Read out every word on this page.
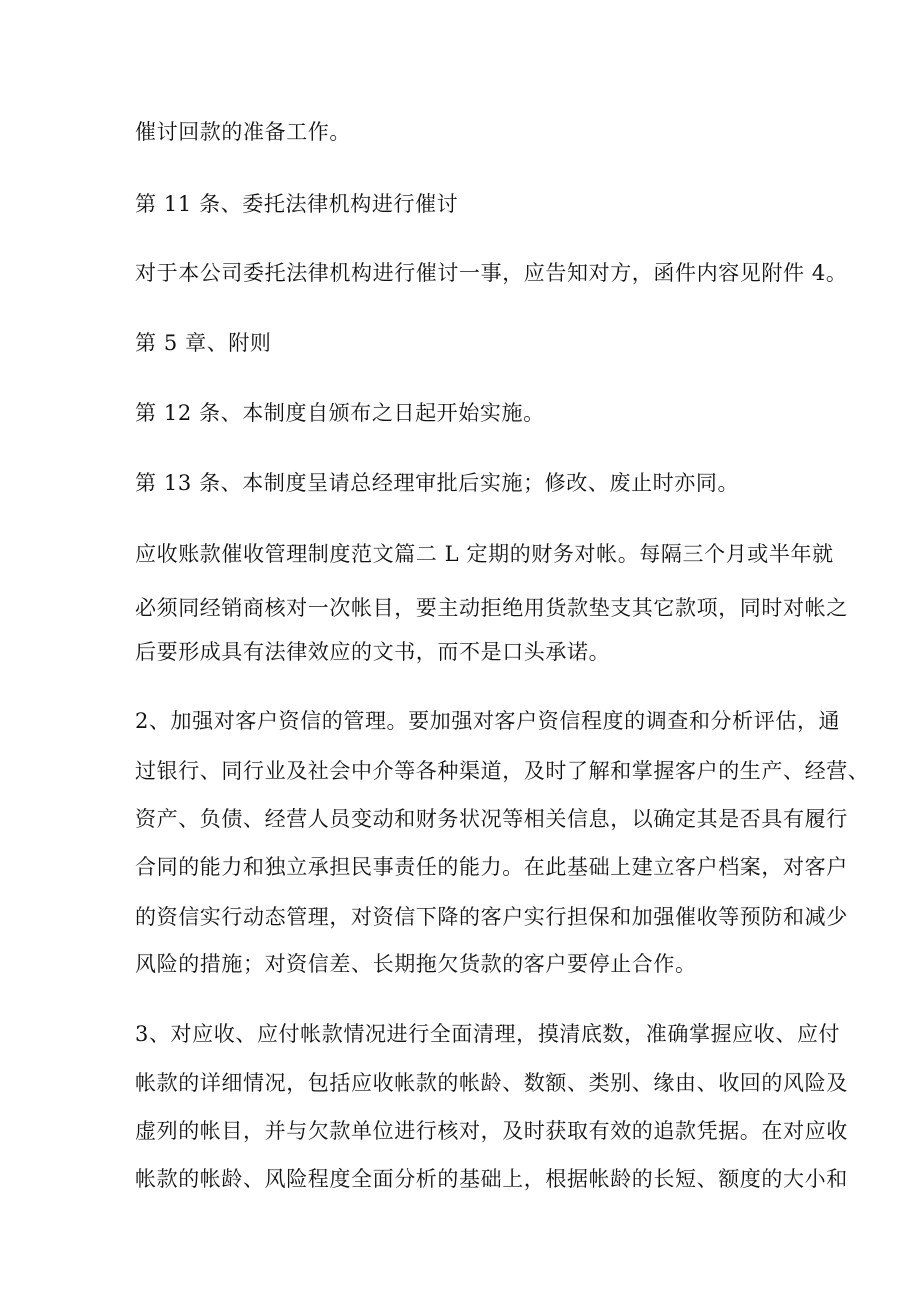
催讨回款的准备工作。
第 11 条、委托法律机构进行催讨
对于本公司委托法律机构进行催讨一事，应告知对方，函件内容见附件 4。
第 5 章、附则
第 12 条、本制度自颁布之日起开始实施。
第 13 条、本制度呈请总经理审批后实施；修改、废止时亦同。
应收账款催收管理制度范文篇二 L 定期的财务对帐。每隔三个月或半年就
必须同经销商核对一次帐目，要主动拒绝用货款垫支其它款项，同时对帐之
后要形成具有法律效应的文书，而不是口头承诺。
2、加强对客户资信的管理。要加强对客户资信程度的调查和分析评估，通
过银行、同行业及社会中介等各种渠道，及时了解和掌握客户的生产、经营、
资产、负债、经营人员变动和财务状况等相关信息，以确定其是否具有履行
合同的能力和独立承担民事责任的能力。在此基础上建立客户档案，对客户
的资信实行动态管理，对资信下降的客户实行担保和加强催收等预防和减少
风险的措施；对资信差、长期拖欠货款的客户要停止合作。
3、对应收、应付帐款情况进行全面清理，摸清底数，准确掌握应收、应付
帐款的详细情况，包括应收帐款的帐龄、数额、类别、缘由、收回的风险及
虚列的帐目，并与欠款单位进行核对，及时获取有效的追款凭据。在对应收
帐款的帐龄、风险程度全面分析的基础上，根据帐龄的长短、额度的大小和
